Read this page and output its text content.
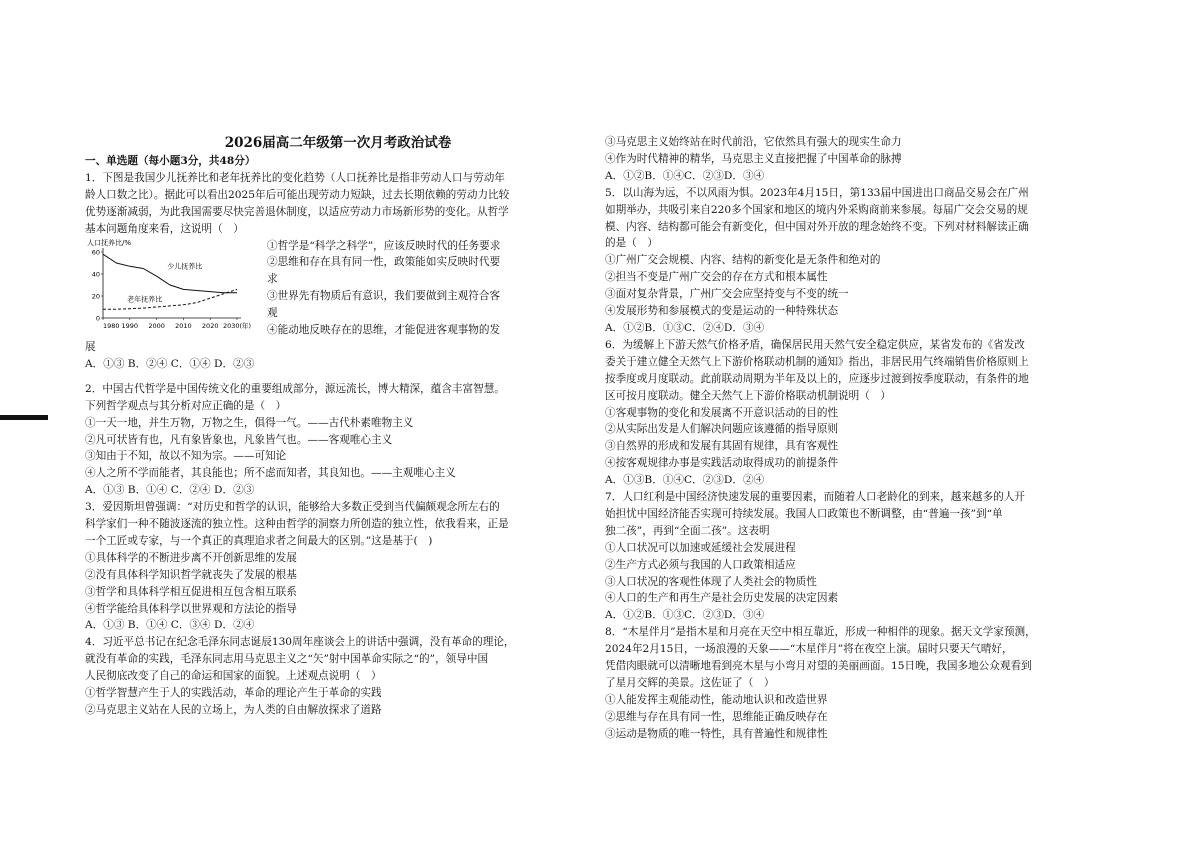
2026届高二年级第一次月考政治试卷

一、单选题（每小题3分，共48分）

1．下图是我国少儿抚养比和老年抚养比的变化趋势（人口抚养比是指非劳动人口与劳动年

龄人口数之比）。据此可以看出2025年后可能出现劳动力短缺，过去长期依赖的劳动力比较

优势逐渐减弱，为此我国需要尽快完善退休制度，以适应劳动力市场新形势的变化。从哲学

基本问题角度来看，这说明（　）

人口抚养比/%
0
20
40
60
1980 1990 2000 2010 2020 2030(年)
少儿抚养比
老年抚养比

①哲学是“科学之科学”，应该反映时代的任务要求

②思维和存在具有同一性，政策能如实反映时代要

求

③世界先有物质后有意识，我们要做到主观符合客

观

④能动地反映存在的思维，才能促进客观事物的发

展

A．①③ B．②④ C．①④ D．②③

2．中国古代哲学是中国传统文化的重要组成部分，源远流长，博大精深，蕴含丰富智慧。

下列哲学观点与其分析对应正确的是（　）

①一天一地，并生万物，万物之生，俱得一气。——古代朴素唯物主义

②凡可状皆有也，凡有象皆象也，凡象皆气也。——客观唯心主义

③知由于不知，故以不知为宗。——可知论

④人之所不学而能者，其良能也；所不虑而知者，其良知也。——主观唯心主义

A．①③ B．①④ C．②④ D．②③

3．爱因斯坦曾强调：“对历史和哲学的认识，能够给大多数正受到当代偏颇观念所左右的

科学家们一种不随波逐流的独立性。这种由哲学的洞察力所创造的独立性，依我看来，正是

一个工匠或专家，与一个真正的真理追求者之间最大的区别。”这是基于(　)

①具体科学的不断进步离不开创新思维的发展

②没有具体科学知识哲学就丧失了发展的根基

③哲学和具体科学相互促进相互包含相互联系

④哲学能给具体科学以世界观和方法论的指导

A．①③ B．①④ C．③④ D．②④

4．习近平总书记在纪念毛泽东同志诞辰130周年座谈会上的讲话中强调，没有革命的理论，

就没有革命的实践，毛泽东同志用马克思主义之“矢”射中国革命实际之“的”，领导中国

人民彻底改变了自己的命运和国家的面貌。上述观点说明（　）

①哲学智慧产生于人的实践活动，革命的理论产生于革命的实践

②马克思主义站在人民的立场上，为人类的自由解放探求了道路

③马克思主义始终站在时代前沿，它依然具有强大的现实生命力

④作为时代精神的精华，马克思主义直接把握了中国革命的脉搏

A．①②B．①④C．②③D．③④

5．以山海为远，不以风雨为惧。2023年4月15日，第133届中国进出口商品交易会在广州

如期举办，共吸引来自220多个国家和地区的境内外采购商前来参展。每届广交会交易的规

模、内容、结构都可能会有新变化，但中国对外开放的理念始终不变。下列对材料解读正确

的是（　）

①广州广交会规模、内容、结构的新变化是无条件和绝对的

②担当不变是广州广交会的存在方式和根本属性

③面对复杂背景，广州广交会应坚持变与不变的统一

④发展形势和参展模式的变是运动的一种特殊状态

A．①②B．①③C．②④D．③④

6．为缓解上下游天然气价格矛盾，确保居民用天然气安全稳定供应，某省发布的《省发改

委关于建立健全天然气上下游价格联动机制的通知》指出，非居民用气终端销售价格原则上

按季度或月度联动。此前联动周期为半年及以上的，应逐步过渡到按季度联动，有条件的地

区可按月度联动。健全天然气上下游价格联动机制说明（　）

①客观事物的变化和发展离不开意识活动的目的性

②从实际出发是人们解决问题应该遵循的指导原则

③自然界的形成和发展有其固有规律，具有客观性

④按客观规律办事是实践活动取得成功的前提条件

A．①③B．①④C．②③D．②④

7．人口红利是中国经济快速发展的重要因素，而随着人口老龄化的到来，越来越多的人开

始担忧中国经济能否实现可持续发展。我国人口政策也不断调整，由“普遍一孩”到“单

独二孩”，再到“全面二孩”。这表明

①人口状况可以加速或延缓社会发展进程

②生产方式必须与我国的人口政策相适应

③人口状况的客观性体现了人类社会的物质性

④人口的生产和再生产是社会历史发展的决定因素

A．①②B．①③C．②③D．③④

8．“木星伴月”是指木星和月亮在天空中相互靠近，形成一种相伴的现象。据天文学家预测，

2024年2月15日，一场浪漫的天象——“木星伴月”将在夜空上演。届时只要天气晴好，

凭借肉眼就可以清晰地看到亮木星与小弯月对望的美丽画面。15日晚，我国多地公众观看到

了星月交辉的美景。这佐证了（　）

①人能发挥主观能动性，能动地认识和改造世界

②思维与存在具有同一性，思维能正确反映存在

③运动是物质的唯一特性，具有普遍性和规律性
